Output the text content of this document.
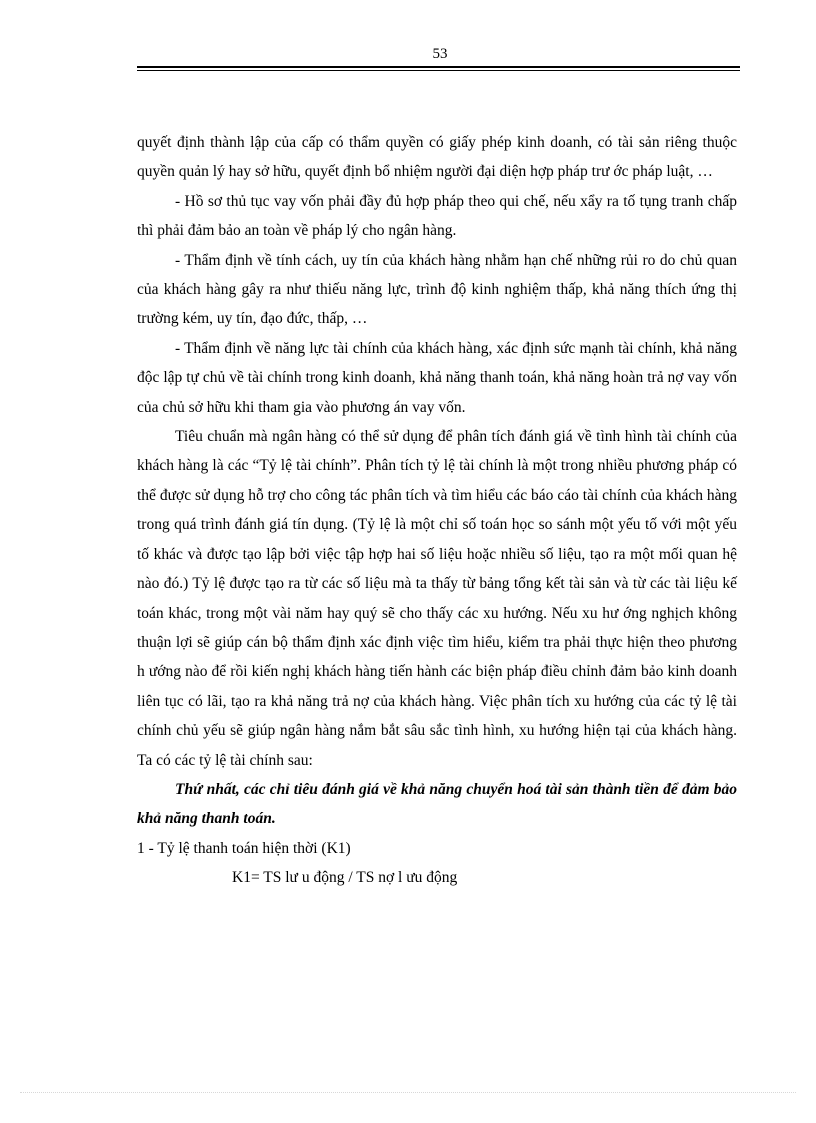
53

quyết định thành lập của cấp có thẩm quyền có giấy phép kinh doanh, có tài sản riêng thuộc quyền quản lý hay sở hữu, quyết định bổ nhiệm người đại diện hợp pháp trư ớc pháp luật, …

- Hồ sơ thủ tục vay vốn phải đầy đủ hợp pháp theo qui chế, nếu xẩy ra tố tụng tranh chấp thì phải đảm bảo an toàn về pháp lý cho ngân hàng.

- Thẩm định về tính cách, uy tín của khách hàng nhằm hạn chế những rủi ro do chủ quan của khách hàng gây ra như thiếu năng lực, trình độ kinh nghiệm thấp, khả năng thích ứng thị trường kém, uy tín, đạo đức, thấp, …

- Thẩm định về năng lực tài chính của khách hàng, xác định sức mạnh tài chính, khả năng độc lập tự chủ về tài chính trong kinh doanh, khả năng thanh toán, khả năng hoàn trả nợ vay vốn của chủ sở hữu khi tham gia vào phương án vay vốn.

Tiêu chuẩn mà ngân hàng có thể sử dụng để phân tích đánh giá về tình hình tài chính của khách hàng là các “Tỷ lệ tài chính”. Phân tích tỷ lệ tài chính là một trong nhiều phương pháp có thể được sử dụng hỗ trợ cho công tác phân tích và tìm hiểu các báo cáo tài chính của khách hàng trong quá trình đánh giá tín dụng. (Tỷ lệ là một chỉ số toán học so sánh một yếu tố với một yếu tố khác và được tạo lập bởi việc tập hợp hai số liệu hoặc nhiều số liệu, tạo ra một mối quan hệ nào đó.) Tỷ lệ được tạo ra từ các số liệu mà ta thấy từ bảng tổng kết tài sản và từ các tài liệu kế toán khác, trong một vài năm hay quý sẽ cho thấy các xu hướng. Nếu xu hư ớng nghịch không thuận lợi sẽ giúp cán bộ thẩm định xác định việc tìm hiểu, kiểm tra phải thực hiện theo phương h ướng nào để rồi kiến nghị khách hàng tiến hành các biện pháp điều chỉnh đảm bảo kinh doanh liên tục có lãi, tạo ra khả năng trả nợ của khách hàng. Việc phân tích xu hướng của các tỷ lệ tài chính chủ yếu sẽ giúp ngân hàng nắm bắt sâu sắc tình hình, xu hướng hiện tại của khách hàng. Ta có các tỷ lệ tài chính sau:

Thứ nhất, các chỉ tiêu đánh giá về khả năng chuyển hoá tài sản thành tiền để đảm bảo khả năng thanh toán.

1 - Tỷ lệ thanh toán hiện thời (K1)

K1= TS lư u động / TS nợ l ưu động
